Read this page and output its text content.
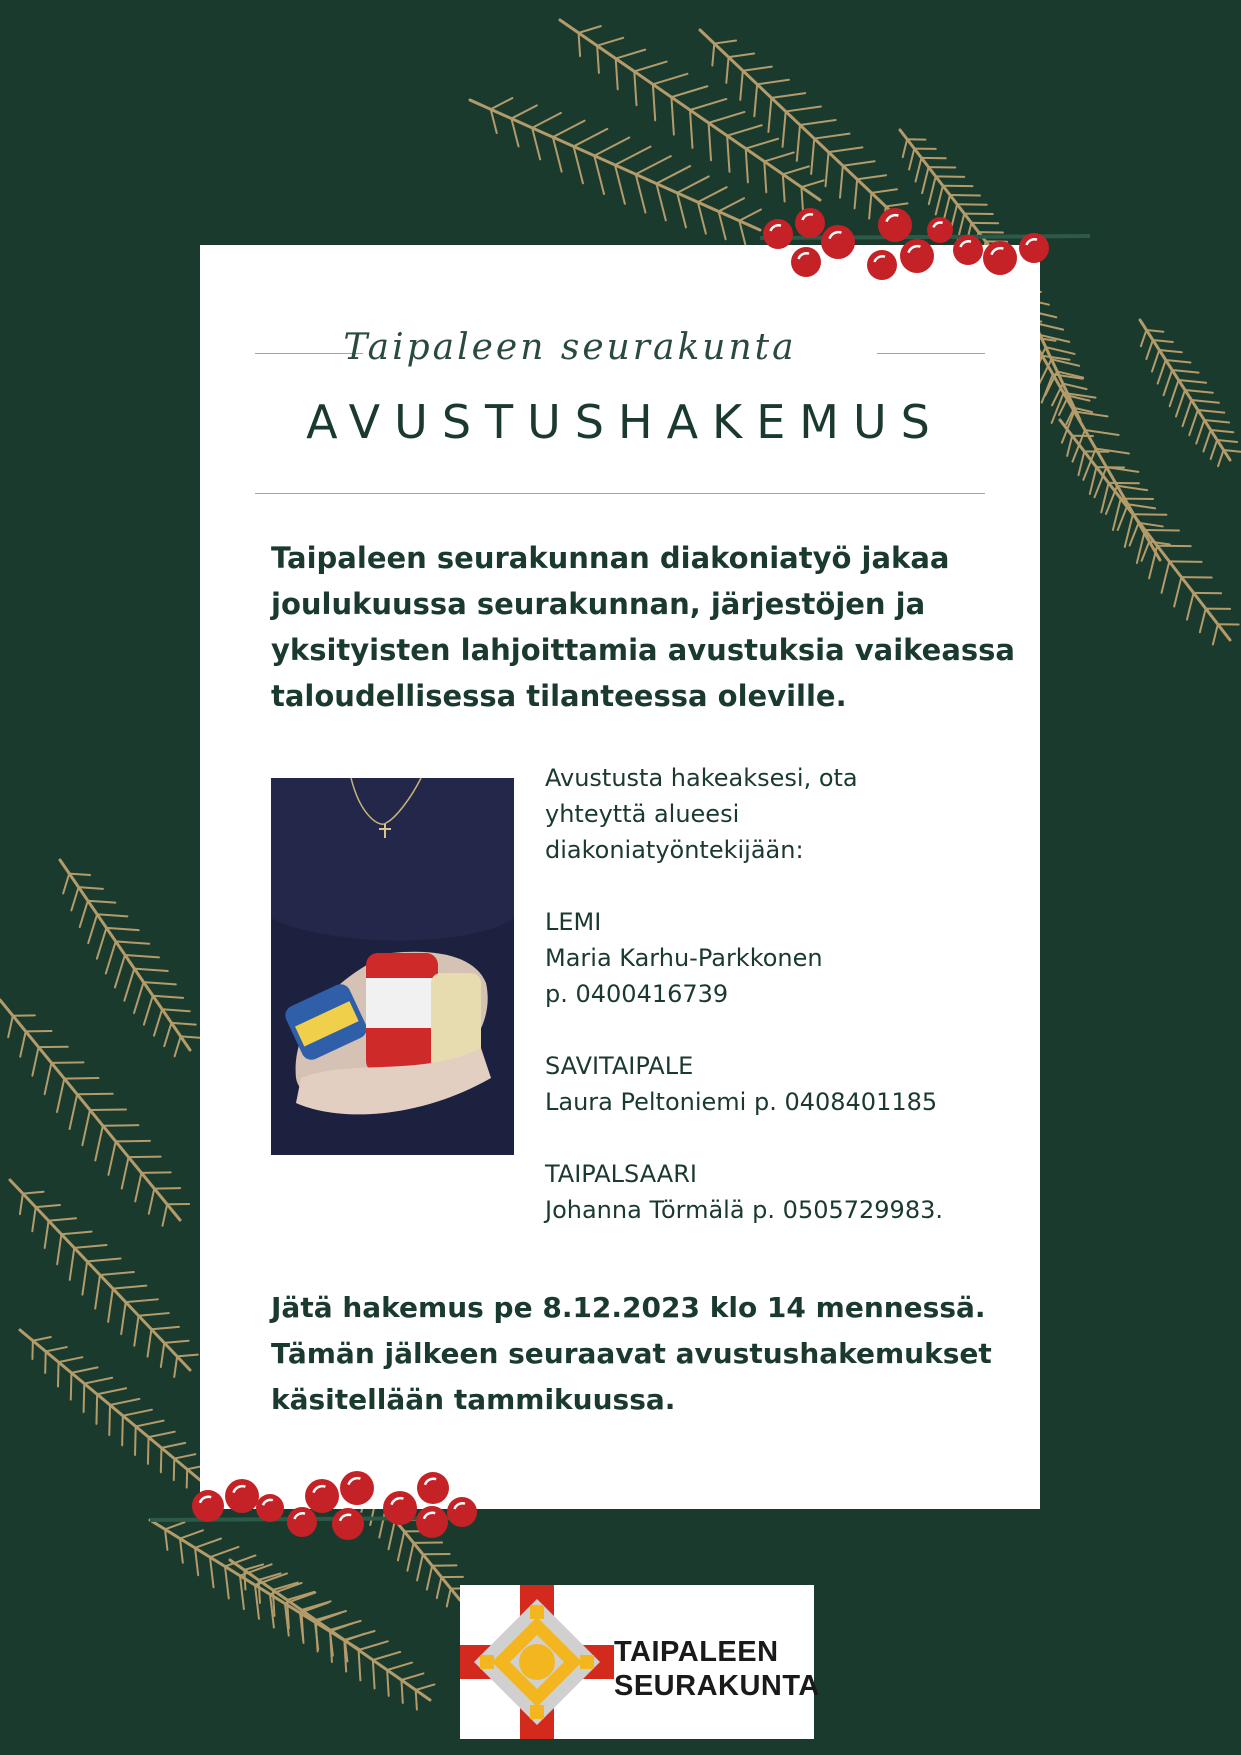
Taipaleen seurakunta
AVUSTUSHAKEMUS
Taipaleen seurakunnan diakoniatyö jakaa
joulukuussa seurakunnan, järjestöjen ja
yksityisten lahjoittamia avustuksia vaikeassa
taloudellisessa tilanteessa oleville.
Avustusta hakeaksesi, ota
yhteyttä alueesi
diakoniatyöntekijään:
LEMI
Maria Karhu-Parkkonen
p. 0400416739
SAVITAIPALE
Laura Peltoniemi p. 0408401185
TAIPALSAARI
Johanna Törmälä p. 0505729983.
Jätä hakemus pe 8.12.2023 klo 14 mennessä.
Tämän jälkeen seuraavat avustushakemukset
käsitellään tammikuussa.
TAIPALEEN
SEURAKUNTA
